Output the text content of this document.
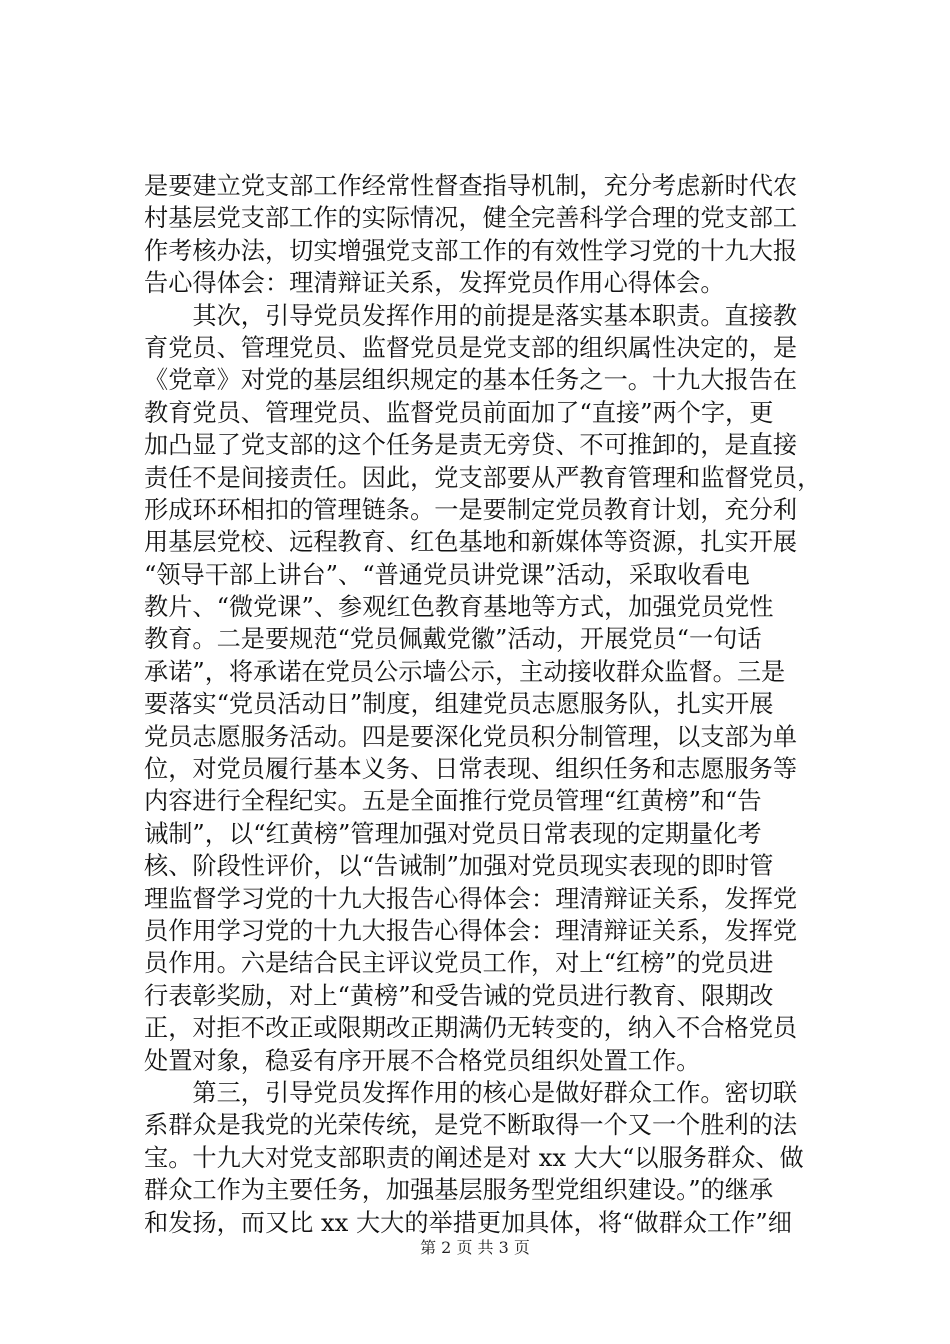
是要建立党支部工作经常性督查指导机制，充分考虑新时代农
村基层党支部工作的实际情况，健全完善科学合理的党支部工
作考核办法，切实增强党支部工作的有效性学习党的十九大报
告心得体会：理清辩证关系，发挥党员作用心得体会。
　　其次，引导党员发挥作用的前提是落实基本职责。直接教
育党员、管理党员、监督党员是党支部的组织属性决定的，是
《党章》对党的基层组织规定的基本任务之一。十九大报告在
教育党员、管理党员、监督党员前面加了“直接”两个字，更
加凸显了党支部的这个任务是责无旁贷、不可推卸的，是直接
责任不是间接责任。因此，党支部要从严教育管理和监督党员，
形成环环相扣的管理链条。一是要制定党员教育计划，充分利
用基层党校、远程教育、红色基地和新媒体等资源，扎实开展
“领导干部上讲台”、“普通党员讲党课”活动，采取收看电
教片、“微党课”、参观红色教育基地等方式，加强党员党性
教育。二是要规范“党员佩戴党徽”活动，开展党员“一句话
承诺”，将承诺在党员公示墙公示，主动接收群众监督。三是
要落实“党员活动日”制度，组建党员志愿服务队，扎实开展
党员志愿服务活动。四是要深化党员积分制管理，以支部为单
位，对党员履行基本义务、日常表现、组织任务和志愿服务等
内容进行全程纪实。五是全面推行党员管理“红黄榜”和“告
诫制”，以“红黄榜”管理加强对党员日常表现的定期量化考
核、阶段性评价，以“告诫制”加强对党员现实表现的即时管
理监督学习党的十九大报告心得体会：理清辩证关系，发挥党
员作用学习党的十九大报告心得体会：理清辩证关系，发挥党
员作用。六是结合民主评议党员工作，对上“红榜”的党员进
行表彰奖励，对上“黄榜”和受告诫的党员进行教育、限期改
正，对拒不改正或限期改正期满仍无转变的，纳入不合格党员
处置对象，稳妥有序开展不合格党员组织处置工作。
　　第三，引导党员发挥作用的核心是做好群众工作。密切联
系群众是我党的光荣传统，是党不断取得一个又一个胜利的法
宝。十九大对党支部职责的阐述是对 xx 大大“以服务群众、做
群众工作为主要任务，加强基层服务型党组织建设。”的继承
和发扬，而又比 xx 大大的举措更加具体，将“做群众工作”细
第 2 页 共 3 页
